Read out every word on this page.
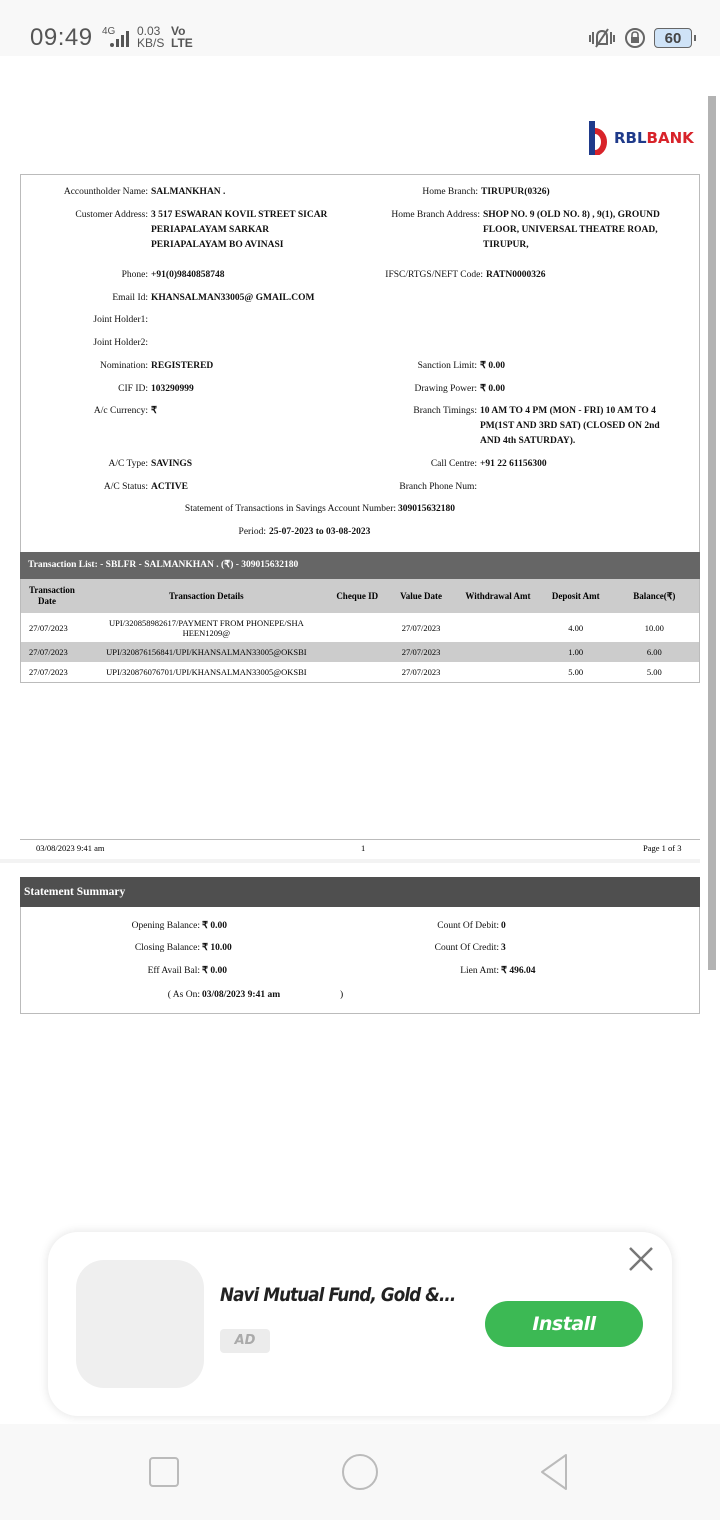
09:49 4G 0.03
KB/S
Vo
LTE	60
RBLBANK
Accountholder Name: SALMANKHAN .
Customer Address: 3 517 ESWARAN KOVIL STREET SICAR
PERIAPALAYAM SARKAR
PERIAPALAYAM BO AVINASI
Phone: +91(0)9840858748
Email Id: KHANSALMAN33005@ GMAIL.COM
Joint Holder1:
Joint Holder2:
Nomination: REGISTERED
CIF ID: 103290999
A/c Currency: ₹
A/C Type: SAVINGS
A/C Status: ACTIVE
Home Branch: TIRUPUR(0326)
Home Branch Address: SHOP NO. 9 (OLD NO. 8) , 9(1), GROUND
FLOOR, UNIVERSAL THEATRE ROAD,
TIRUPUR,
IFSC/RTGS/NEFT Code: RATN0000326
Sanction Limit: ₹ 0.00
Drawing Power: ₹ 0.00
Branch Timings: 10 AM TO 4 PM (MON - FRI) 10 AM TO 4
PM(1ST AND 3RD SAT) (CLOSED ON 2nd
AND 4th SATURDAY).
Call Centre: +91 22 61156300
Branch Phone Num:
Statement of Transactions in Savings Account Number: 309015632180
Period: 25-07-2023 to 03-08-2023
Transaction List: - SBLFR - SALMANKHAN . (₹) - 309015632180
Transaction
Date	Transaction Details	Cheque ID	Value Date	Withdrawal Amt	Deposit Amt	Balance(₹)
27/07/2023	UPI/320858982617/PAYMENT FROM PHONEPE/SHA
HEEN1209@		27/07/2023		4.00	10.00
27/07/2023	UPI/320876156841/UPI/KHANSALMAN33005@OKSBI		27/07/2023		1.00	6.00
27/07/2023	UPI/320876076701/UPI/KHANSALMAN33005@OKSBI		27/07/2023		5.00	5.00
03/08/2023 9:41 am	1	Page 1 of 3
Statement Summary
Opening Balance: ₹ 0.00
Closing Balance: ₹ 10.00
Eff Avail Bal: ₹ 0.00
( As On: 03/08/2023 9:41 am	)
Count Of Debit: 0
Count Of Credit: 3
Lien Amt: ₹ 496.04
Navi Mutual Fund, Gold &...
AD
Install
